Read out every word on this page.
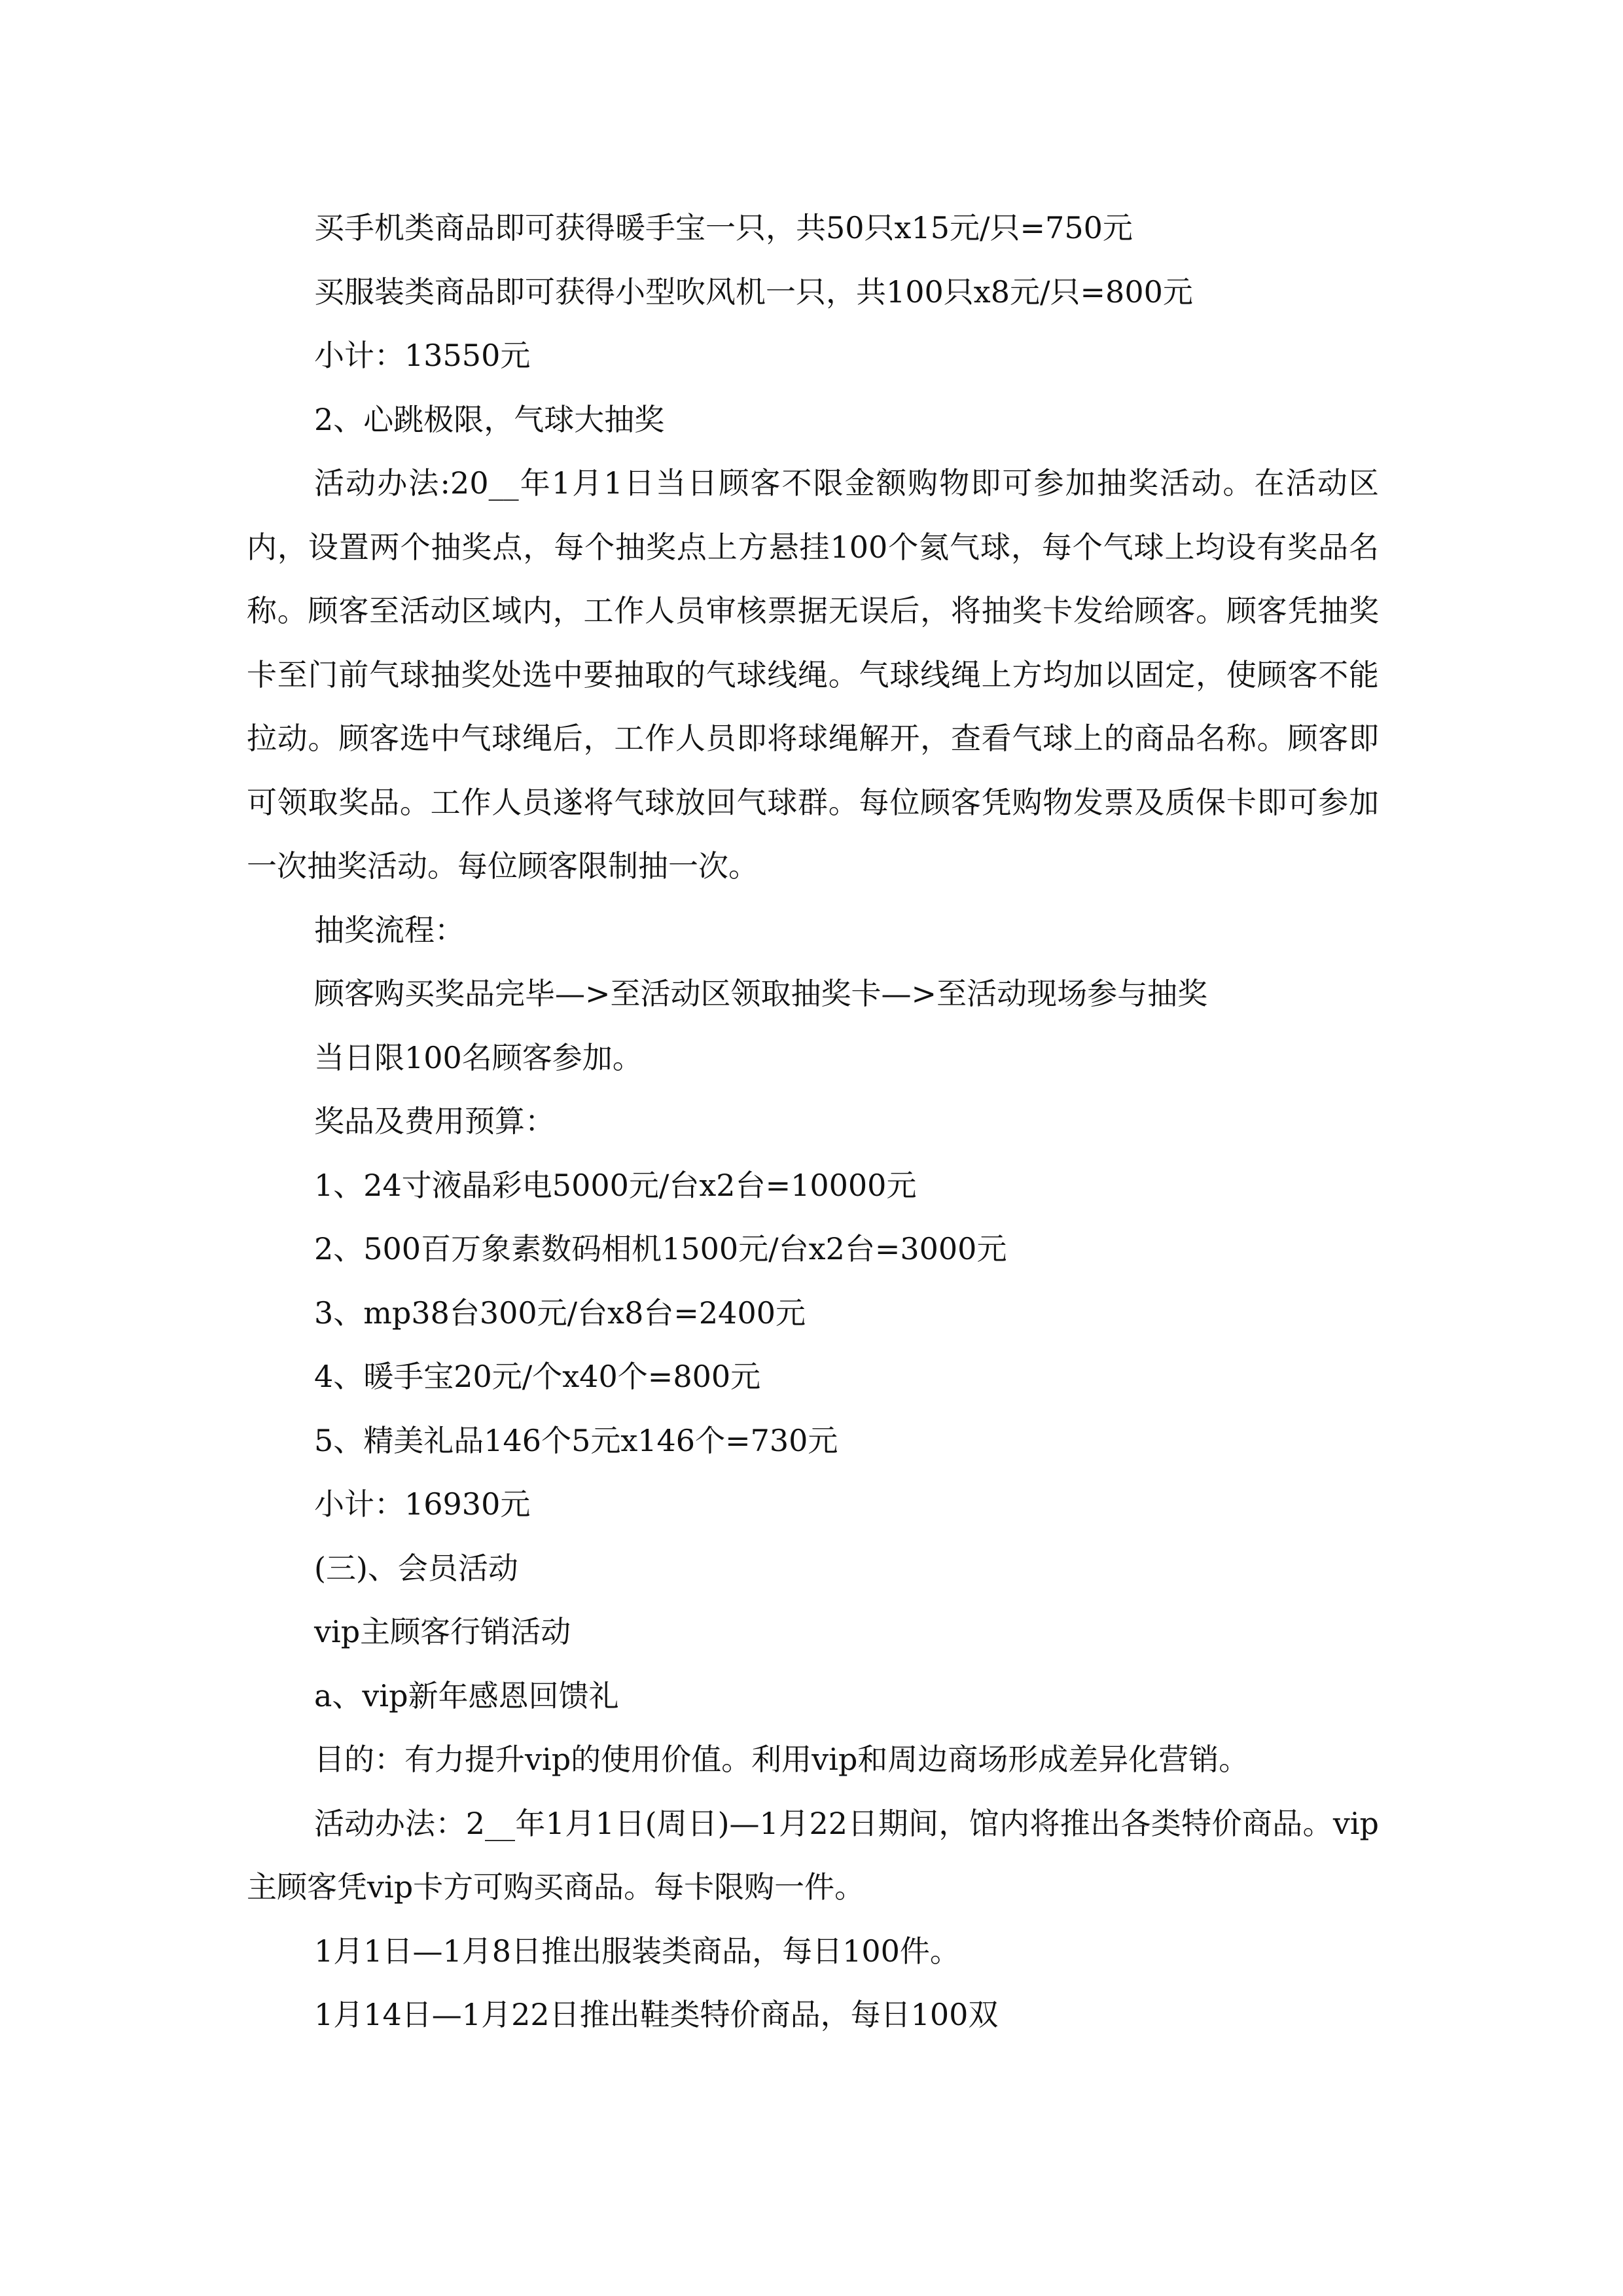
买手机类商品即可获得暖手宝一只，共50只x15元/只=750元

买服装类商品即可获得小型吹风机一只，共100只x8元/只=800元

小计：13550元

2、心跳极限，气球大抽奖

活动办法:20__年1月1日当日顾客不限金额购物即可参加抽奖活动。在活动区内，设置两个抽奖点，每个抽奖点上方悬挂100个氦气球，每个气球上均设有奖品名称。顾客至活动区域内，工作人员审核票据无误后，将抽奖卡发给顾客。顾客凭抽奖卡至门前气球抽奖处选中要抽取的气球线绳。气球线绳上方均加以固定，使顾客不能拉动。顾客选中气球绳后，工作人员即将球绳解开，查看气球上的商品名称。顾客即可领取奖品。工作人员遂将气球放回气球群。每位顾客凭购物发票及质保卡即可参加一次抽奖活动。每位顾客限制抽一次。

抽奖流程：

顾客购买奖品完毕—>至活动区领取抽奖卡—>至活动现场参与抽奖

当日限100名顾客参加。

奖品及费用预算：

1、24寸液晶彩电5000元/台x2台=10000元

2、500百万象素数码相机1500元/台x2台=3000元

3、mp38台300元/台x8台=2400元

4、暖手宝20元/个x40个=800元

5、精美礼品146个5元x146个=730元

小计：16930元

(三)、会员活动

vip主顾客行销活动

a、vip新年感恩回馈礼

目的：有力提升vip的使用价值。利用vip和周边商场形成差异化营销。

活动办法：2__年1月1日(周日)—1月22日期间，馆内将推出各类特价商品。vip主顾客凭vip卡方可购买商品。每卡限购一件。

1月1日—1月8日推出服装类商品，每日100件。

1月14日—1月22日推出鞋类特价商品，每日100双
